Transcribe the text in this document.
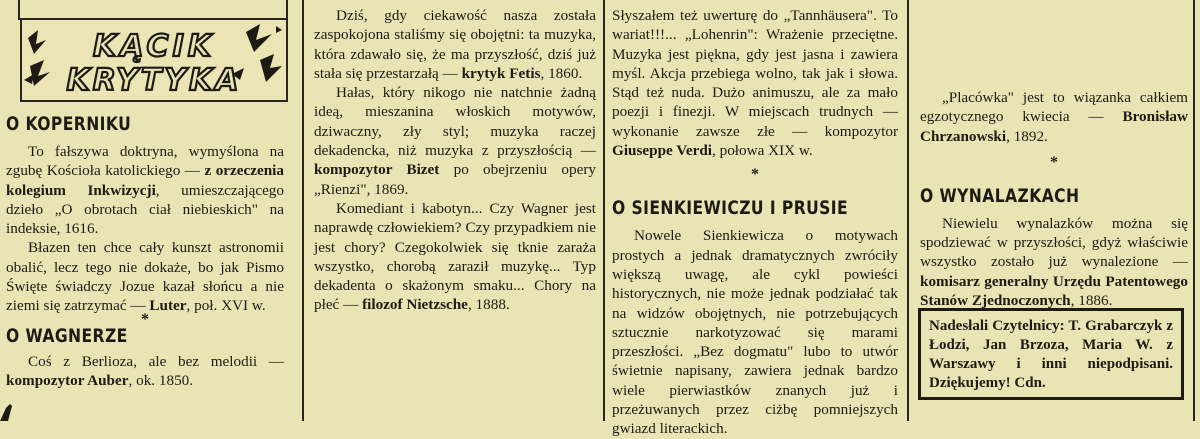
KĄCIK
KRYTYKA
O KOPERNIKU

To fałszywa doktryna, wymyślona na zgubę Kościoła katolickiego — z orzeczenia kolegium Inkwizycji, umieszczającego dzieło „O obrotach ciał niebieskich" na indeksie, 1616.

Błazen ten chce cały kunszt astronomii obalić, lecz tego nie dokaże, bo jak Pismo Święte świadczy Jozue kazał słońcu a nie ziemi się zatrzymać — Luter, poł. XVI w.

*
O WAGNERZE

Coś z Berlioza, ale bez melodii — kompozytor Auber, ok. 1850.

Dziś, gdy ciekawość nasza została zaspokojona staliśmy się obojętni: ta muzyka, która zdawało się, że ma przyszłość, dziś już stała się przestarzałą — krytyk Fetis, 1860.

Hałas, który nikogo nie natchnie żadną ideą, mieszanina włoskich motywów, dziwaczny, zły styl; muzyka raczej dekadencka, niż muzyka z przyszłością — kompozytor Bizet po obejrzeniu opery „Rienzi", 1869.

Komediant i kabotyn... Czy Wagner jest naprawdę człowiekiem? Czy przypadkiem nie jest chory? Czegokolwiek się tknie zaraża wszystko, chorobą zaraził muzykę... Typ dekadenta o skażonym smaku... Chory na płeć — filozof Nietzsche, 1888.

Słyszałem też uwerturę do „Tannhäusera". To wariat!!!... „Lohenrin": Wrażenie przeciętne. Muzyka jest piękna, gdy jest jasna i zawiera myśl. Akcja przebiega wolno, tak jak i słowa. Stąd też nuda. Dużo animuszu, ale za mało poezji i finezji. W miejscach trudnych — wykonanie zawsze złe — kompozytor Giuseppe Verdi, połowa XIX w.

*
O SIENKIEWICZU I PRUSIE

Nowele Sienkiewicza o motywach prostych a jednak dramatycznych zwróciły większą uwagę, ale cykl powieści historycznych, nie może jednak podziałać tak na widzów obojętnych, nie potrzebujących sztucznie narkotyzować się marami przeszłości. „Bez dogmatu" lubo to utwór świetnie napisany, zawiera jednak bardzo wiele pierwiastków znanych już i przeżuwanych przez ciżbę pomniejszych gwiazd literackich.

„Placówka" jest to wiązanka całkiem egzotycznego kwiecia — Bronisław Chrzanowski, 1892.

*
O WYNALAZKACH

Niewielu wynalazków można się spodziewać w przyszłości, gdyż właściwie wszystko zostało już wynalezione — komisarz generalny Urzędu Patentowego Stanów Zjednoczonych, 1886.

Nadesłali Czytelnicy: T. Grabarczyk z Łodzi, Jan Brzoza, Maria W. z Warszawy i inni niepodpisani. Dziękujemy! Cdn.
